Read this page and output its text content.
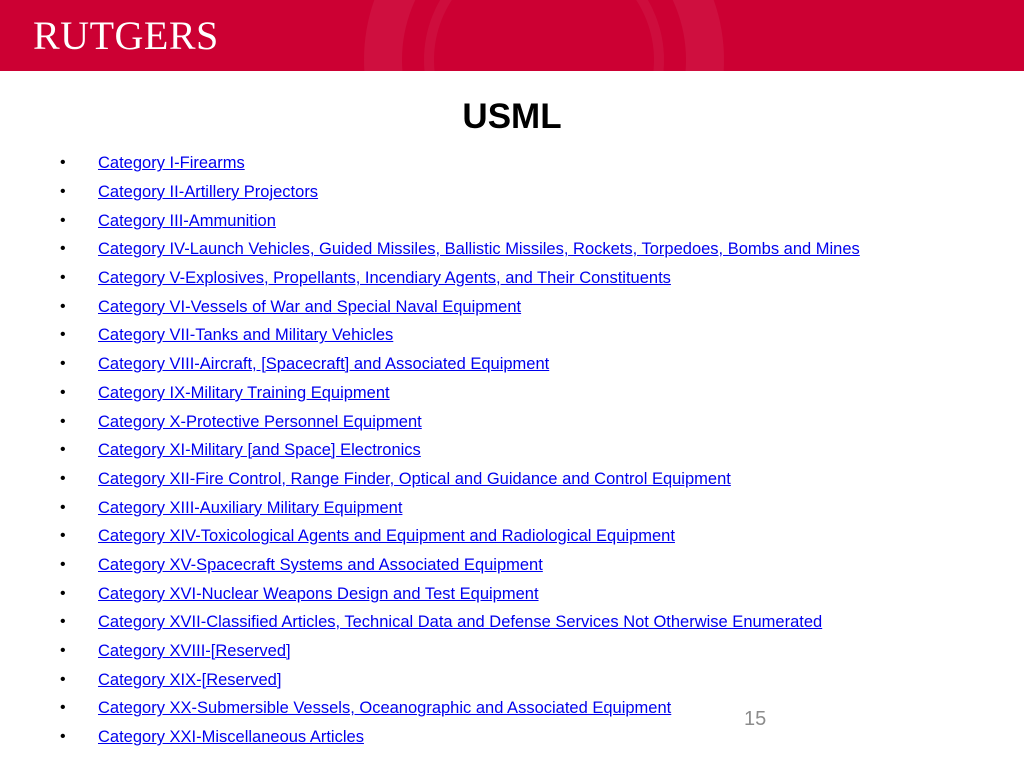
RUTGERS
USML
•	Category I-Firearms
•	Category II-Artillery Projectors
•	Category III-Ammunition
•	Category IV-Launch Vehicles, Guided Missiles, Ballistic Missiles, Rockets, Torpedoes, Bombs and Mines
•	Category V-Explosives, Propellants, Incendiary Agents, and Their Constituents
•	Category VI-Vessels of War and Special Naval Equipment
•	Category VII-Tanks and Military Vehicles
•	Category VIII-Aircraft, [Spacecraft] and Associated Equipment
•	Category IX-Military Training Equipment
•	Category X-Protective Personnel Equipment
•	Category XI-Military [and Space] Electronics
•	Category XII-Fire Control, Range Finder, Optical and Guidance and Control Equipment
•	Category XIII-Auxiliary Military Equipment
•	Category XIV-Toxicological Agents and Equipment and Radiological Equipment
•	Category XV-Spacecraft Systems and Associated Equipment
•	Category XVI-Nuclear Weapons Design and Test Equipment
•	Category XVII-Classified Articles, Technical Data and Defense Services Not Otherwise Enumerated
•	Category XVIII-[Reserved]
•	Category XIX-[Reserved]
•	Category XX-Submersible Vessels, Oceanographic and Associated Equipment
•	Category XXI-Miscellaneous Articles
15
